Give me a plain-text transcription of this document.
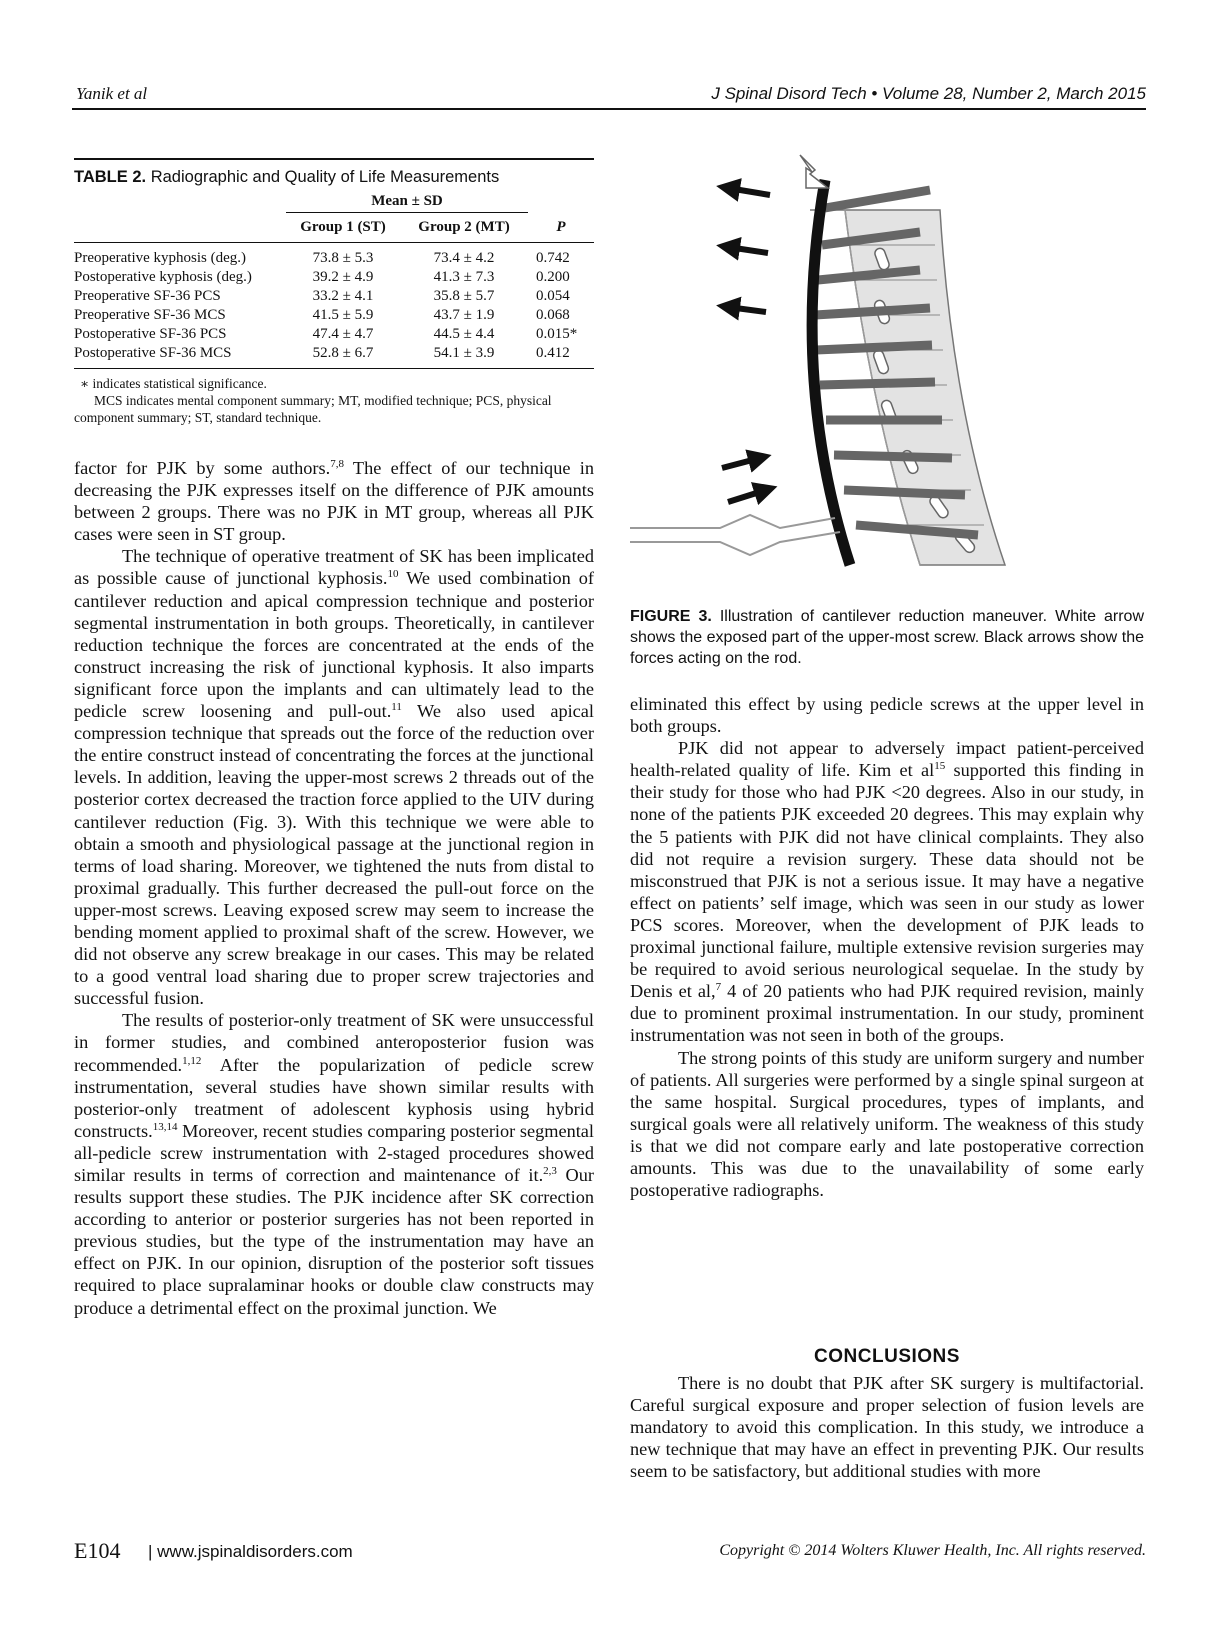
Yanik et al	J Spinal Disord Tech • Volume 28, Number 2, March 2015
TABLE 2. Radiographic and Quality of Life Measurements
	Mean ± SD		
	Group 1 (ST)	Group 2 (MT)	P
Preoperative kyphosis (deg.)	73.8 ± 5.3	73.4 ± 4.2	0.742
Postoperative kyphosis (deg.)	39.2 ± 4.9	41.3 ± 7.3	0.200
Preoperative SF-36 PCS	33.2 ± 4.1	35.8 ± 5.7	0.054
Preoperative SF-36 MCS	41.5 ± 5.9	43.7 ± 1.9	0.068
Postoperative SF-36 PCS	47.4 ± 4.7	44.5 ± 4.4	0.015*
Postoperative SF-36 MCS	52.8 ± 6.7	54.1 ± 3.9	0.412
∗ indicates statistical significance.
MCS indicates mental component summary; MT, modified technique; PCS, physical component summary; ST, standard technique.

factor for PJK by some authors.$^{7,8}$ The effect of our technique in decreasing the PJK expresses itself on the difference of PJK amounts between 2 groups. There was no PJK in MT group, whereas all PJK cases were seen in ST group.

The technique of operative treatment of SK has been implicated as possible cause of junctional kyphosis.$^{10}$ We used combination of cantilever reduction and apical compression technique and posterior segmental instrumentation in both groups. Theoretically, in cantilever reduction technique the forces are concentrated at the ends of the construct increasing the risk of junctional kyphosis. It also imparts significant force upon the implants and can ultimately lead to the pedicle screw loosening and pull-out.$^{11}$ We also used apical compression technique that spreads out the force of the reduction over the entire construct instead of concentrating the forces at the junctional levels. In addition, leaving the upper-most screws 2 threads out of the posterior cortex decreased the traction force applied to the UIV during cantilever reduction (Fig. 3). With this technique we were able to obtain a smooth and physiological passage at the junctional region in terms of load sharing. Moreover, we tightened the nuts from distal to proximal gradually. This further decreased the pull-out force on the upper-most screws. Leaving exposed screw may seem to increase the bending moment applied to proximal shaft of the screw. However, we did not observe any screw breakage in our cases. This may be related to a good ventral load sharing due to proper screw trajectories and successful fusion.

The results of posterior-only treatment of SK were unsuccessful in former studies, and combined anteroposterior fusion was recommended.$^{1,12}$ After the popularization of pedicle screw instrumentation, several studies have shown similar results with posterior-only treatment of adolescent kyphosis using hybrid constructs.$^{13,14}$ Moreover, recent studies comparing posterior segmental all-pedicle screw instrumentation with 2-staged procedures showed similar results in terms of correction and maintenance of it.$^{2,3}$ Our results support these studies. The PJK incidence after SK correction according to anterior or posterior surgeries has not been reported in previous studies, but the type of the instrumentation may have an effect on PJK. In our opinion, disruption of the posterior soft tissues required to place supralaminar hooks or double claw constructs may produce a detrimental effect on the proximal junction. We

FIGURE 3. Illustration of cantilever reduction maneuver. White arrow shows the exposed part of the upper-most screw. Black arrows show the forces acting on the rod.

eliminated this effect by using pedicle screws at the upper level in both groups.

PJK did not appear to adversely impact patient-perceived health-related quality of life. Kim et $al^{15}$ supported this finding in their study for those who had PJK <20 degrees. Also in our study, in none of the patients PJK exceeded 20 degrees. This may explain why the 5 patients with PJK did not have clinical complaints. They also did not require a revision surgery. These data should not be misconstrued that PJK is not a serious issue. It may have a negative effect on patients’ self image, which was seen in our study as lower PCS scores. Moreover, when the development of PJK leads to proximal junctional failure, multiple extensive revision surgeries may be required to avoid serious neurological sequelae. In the study by Denis et al,$^7$ 4 of 20 patients who had PJK required revision, mainly due to prominent proximal instrumentation. In our study, prominent instrumentation was not seen in both of the groups.

The strong points of this study are uniform surgery and number of patients. All surgeries were performed by a single spinal surgeon at the same hospital. Surgical procedures, types of implants, and surgical goals were all relatively uniform. The weakness of this study is that we did not compare early and late postoperative correction amounts. This was due to the unavailability of some early postoperative radiographs.

CONCLUSIONS

There is no doubt that PJK after SK surgery is multifactorial. Careful surgical exposure and proper selection of fusion levels are mandatory to avoid this complication. In this study, we introduce a new technique that may have an effect in preventing PJK. Our results seem to be satisfactory, but additional studies with more

E104 | www.jspinaldisorders.com	Copyright © 2014 Wolters Kluwer Health, Inc. All rights reserved.
